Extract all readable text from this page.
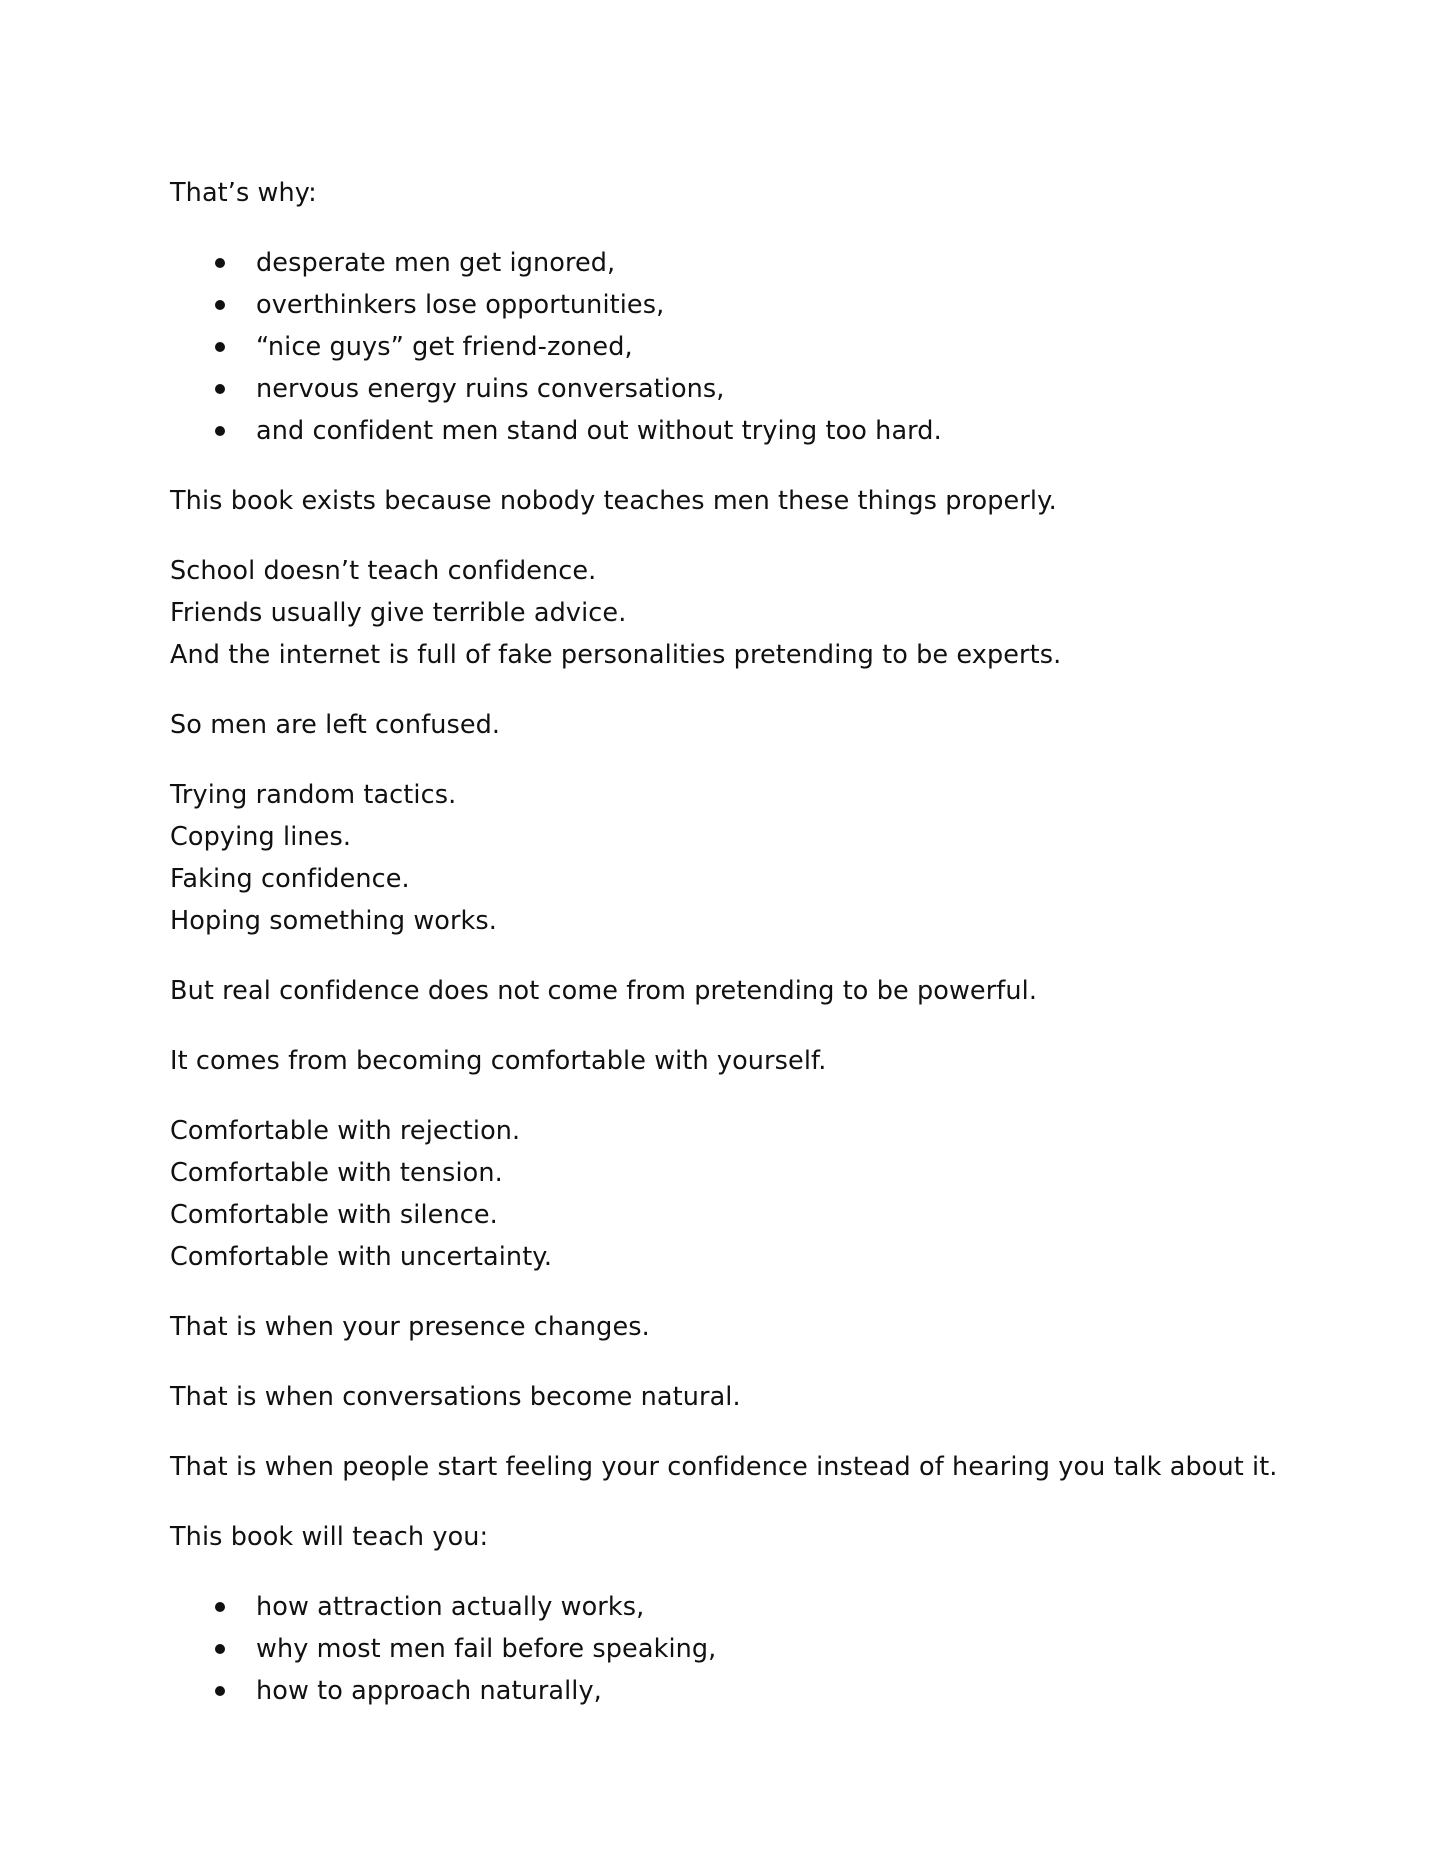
That’s why:

desperate men get ignored,
overthinkers lose opportunities,
“nice guys” get friend-zoned,
nervous energy ruins conversations,
and confident men stand out without trying too hard.

This book exists because nobody teaches men these things properly.

School doesn’t teach confidence.
Friends usually give terrible advice.
And the internet is full of fake personalities pretending to be experts.

So men are left confused.

Trying random tactics.
Copying lines.
Faking confidence.
Hoping something works.

But real confidence does not come from pretending to be powerful.

It comes from becoming comfortable with yourself.

Comfortable with rejection.
Comfortable with tension.
Comfortable with silence.
Comfortable with uncertainty.

That is when your presence changes.

That is when conversations become natural.

That is when people start feeling your confidence instead of hearing you talk about it.

This book will teach you:

how attraction actually works,
why most men fail before speaking,
how to approach naturally,
